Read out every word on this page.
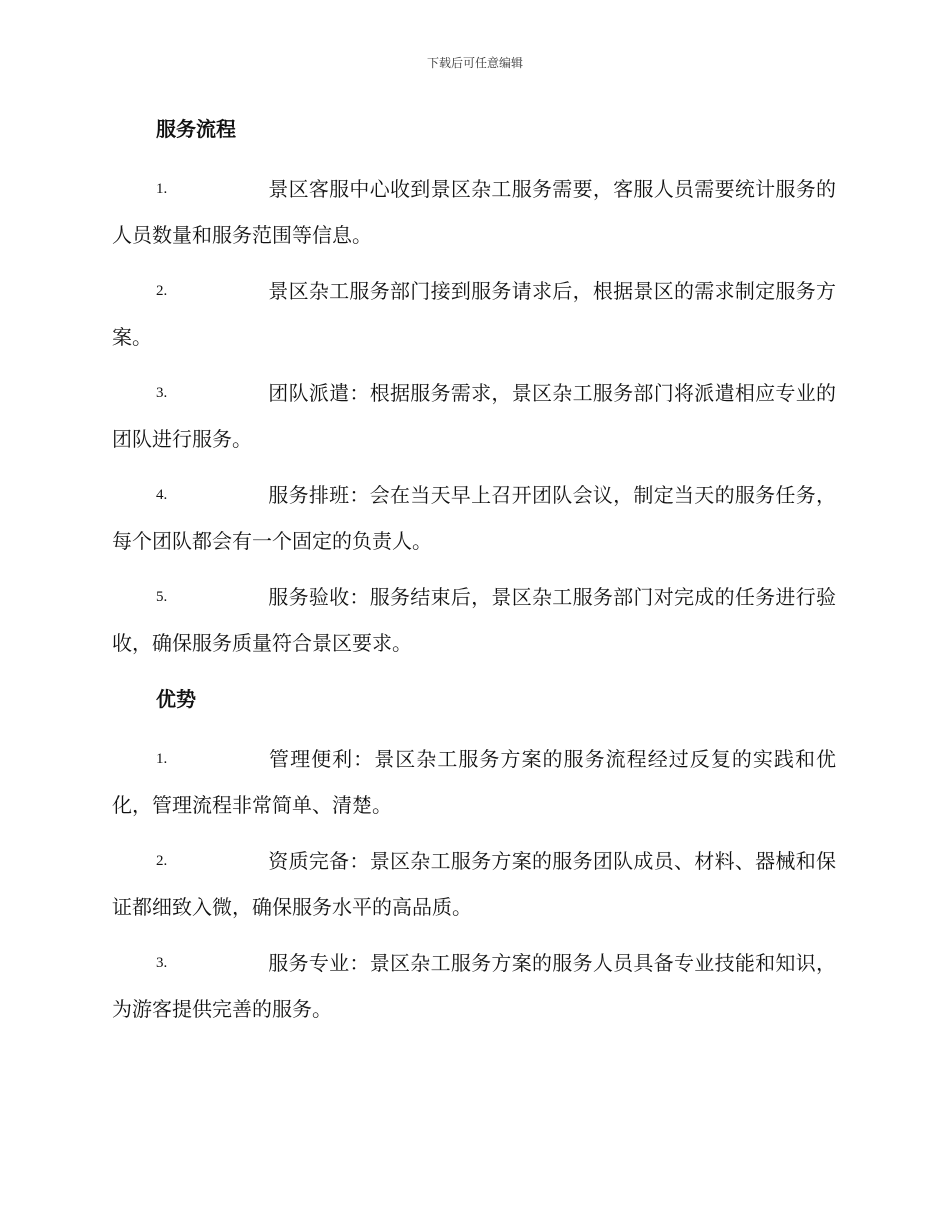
下载后可任意编辑
服务流程

1.	景区客服中心收到景区杂工服务需要，客服人员需要统计服务的人员数量和服务范围等信息。

2.	景区杂工服务部门接到服务请求后，根据景区的需求制定服务方案。

3.	团队派遣：根据服务需求，景区杂工服务部门将派遣相应专业的团队进行服务。

4.	服务排班：会在当天早上召开团队会议，制定当天的服务任务，每个团队都会有一个固定的负责人。

5.	服务验收：服务结束后，景区杂工服务部门对完成的任务进行验收，确保服务质量符合景区要求。

优势

1.	管理便利：景区杂工服务方案的服务流程经过反复的实践和优化，管理流程非常简单、清楚。

2.	资质完备：景区杂工服务方案的服务团队成员、材料、器械和保证都细致入微，确保服务水平的高品质。

3.	服务专业：景区杂工服务方案的服务人员具备专业技能和知识，为游客提供完善的服务。
